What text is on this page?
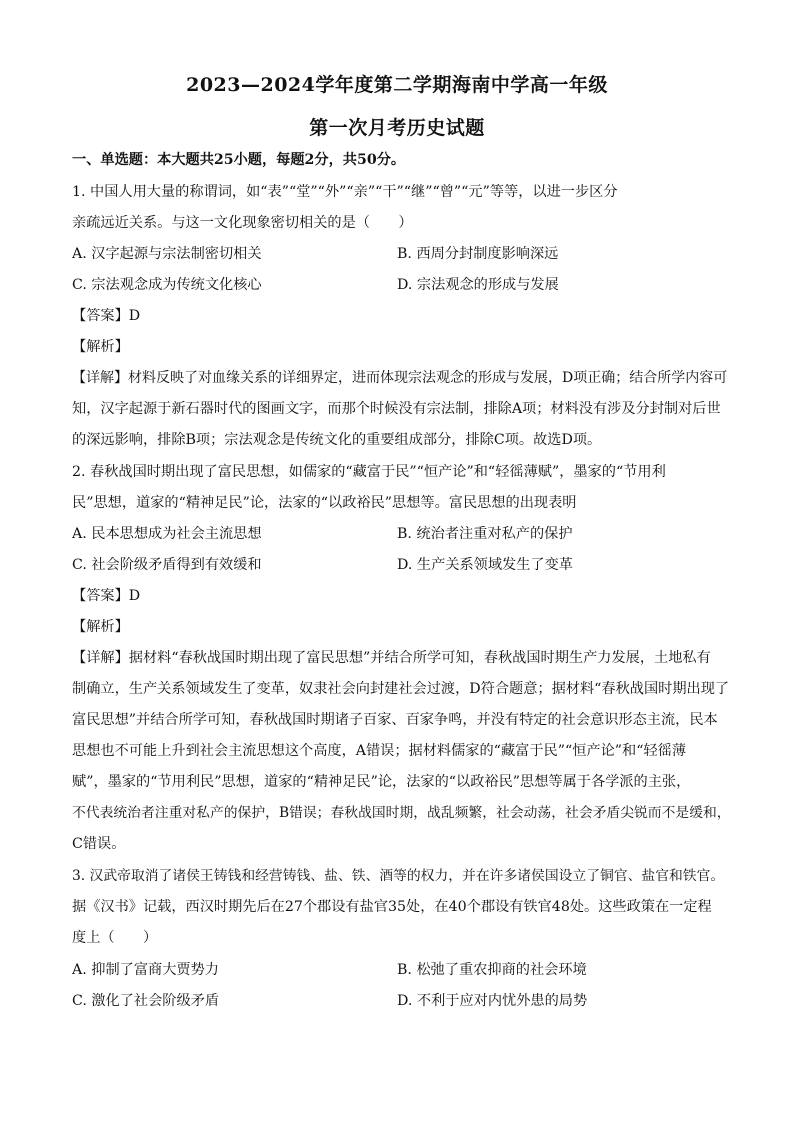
2023—2024学年度第二学期海南中学高一年级
第一次月考历史试题
一、单选题：本大题共25小题，每题2分，共50分。
1. 中国人用大量的称谓词，如“表”“堂”“外”“亲”“干”“继”“曾”“元”等等，以进一步区分
亲疏远近关系。与这一文化现象密切相关的是（　　）
A. 汉字起源与宗法制密切相关	B. 西周分封制度影响深远
C. 宗法观念成为传统文化核心	D. 宗法观念的形成与发展
【答案】D
【解析】
【详解】材料反映了对血缘关系的详细界定，进而体现宗法观念的形成与发展，D项正确；结合所学内容可
知，汉字起源于新石器时代的图画文字，而那个时候没有宗法制，排除A项；材料没有涉及分封制对后世
的深远影响，排除B项；宗法观念是传统文化的重要组成部分，排除C项。故选D项。
2. 春秋战国时期出现了富民思想，如儒家的“藏富于民”“恒产论”和“轻徭薄赋”，墨家的“节用利
民”思想，道家的“精神足民”论，法家的“以政裕民”思想等。富民思想的出现表明
A. 民本思想成为社会主流思想	B. 统治者注重对私产的保护
C. 社会阶级矛盾得到有效缓和	D. 生产关系领域发生了变革
【答案】D
【解析】
【详解】据材料“春秋战国时期出现了富民思想”并结合所学可知，春秋战国时期生产力发展，土地私有
制确立，生产关系领域发生了变革，奴隶社会向封建社会过渡，D符合题意；据材料“春秋战国时期出现了
富民思想”并结合所学可知，春秋战国时期诸子百家、百家争鸣，并没有特定的社会意识形态主流，民本
思想也不可能上升到社会主流思想这个高度，A错误；据材料儒家的“藏富于民”“恒产论”和“轻徭薄
赋”，墨家的“节用利民”思想，道家的“精神足民”论，法家的“以政裕民”思想等属于各学派的主张，
不代表统治者注重对私产的保护，B错误；春秋战国时期，战乱频繁，社会动荡，社会矛盾尖锐而不是缓和，
C错误。
3. 汉武帝取消了诸侯王铸钱和经营铸钱、盐、铁、酒等的权力，并在许多诸侯国设立了铜官、盐官和铁官。
据《汉书》记载，西汉时期先后在27个郡设有盐官35处，在40个郡设有铁官48处。这些政策在一定程
度上（　　）
A. 抑制了富商大贾势力	B. 松弛了重农抑商的社会环境
C. 激化了社会阶级矛盾	D. 不利于应对内忧外患的局势
